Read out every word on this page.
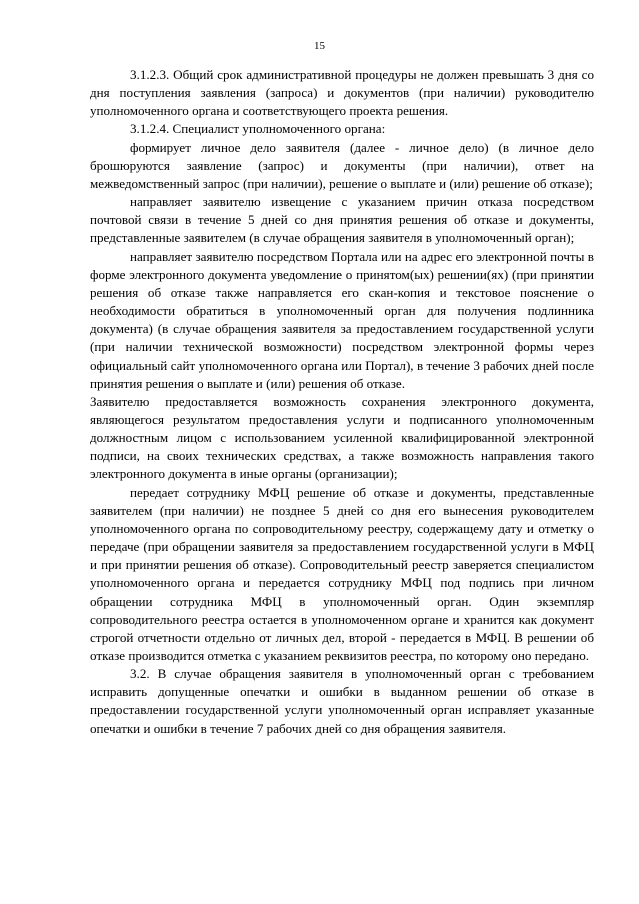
15

3.1.2.3. Общий срок административной процедуры не должен превышать 3 дня со дня поступления заявления (запроса) и документов (при наличии) руководителю уполномоченного органа и соответствующего проекта решения.

3.1.2.4. Специалист уполномоченного органа:

формирует личное дело заявителя (далее - личное дело) (в личное дело брошюруются заявление (запрос) и документы (при наличии), ответ на межведомственный запрос (при наличии), решение о выплате и (или) решение об отказе);

направляет заявителю извещение с указанием причин отказа посредством почтовой связи в течение 5 дней со дня принятия решения об отказе и документы, представленные заявителем (в случае обращения заявителя в уполномоченный орган);

направляет заявителю посредством Портала или на адрес его электронной почты в форме электронного документа уведомление о принятом(ых) решении(ях) (при принятии решения об отказе также направляется его скан-копия и текстовое пояснение о необходимости обратиться в уполномоченный орган для получения подлинника документа) (в случае обращения заявителя за предоставлением государственной услуги (при наличии технической возможности) посредством электронной формы через официальный сайт уполномоченного органа или Портал), в течение 3 рабочих дней после принятия решения о выплате и (или) решения об отказе.

Заявителю предоставляется возможность сохранения электронного документа, являющегося результатом предоставления услуги и подписанного уполномоченным должностным лицом с использованием усиленной квалифицированной электронной подписи, на своих технических средствах, а также возможность направления такого электронного документа в иные органы (организации);

передает сотруднику МФЦ решение об отказе и документы, представленные заявителем (при наличии) не позднее 5 дней со дня его вынесения руководителем уполномоченного органа по сопроводительному реестру, содержащему дату и отметку о передаче (при обращении заявителя за предоставлением государственной услуги в МФЦ и при принятии решения об отказе). Сопроводительный реестр заверяется специалистом уполномоченного органа и передается сотруднику МФЦ под подпись при личном обращении сотрудника МФЦ в уполномоченный орган. Один экземпляр сопроводительного реестра остается в уполномоченном органе и хранится как документ строгой отчетности отдельно от личных дел, второй - передается в МФЦ. В решении об отказе производится отметка с указанием реквизитов реестра, по которому оно передано.

3.2. В случае обращения заявителя в уполномоченный орган с требованием исправить допущенные опечатки и ошибки в выданном решении об отказе в предоставлении государственной услуги уполномоченный орган исправляет указанные опечатки и ошибки в течение 7 рабочих дней со дня обращения заявителя.
